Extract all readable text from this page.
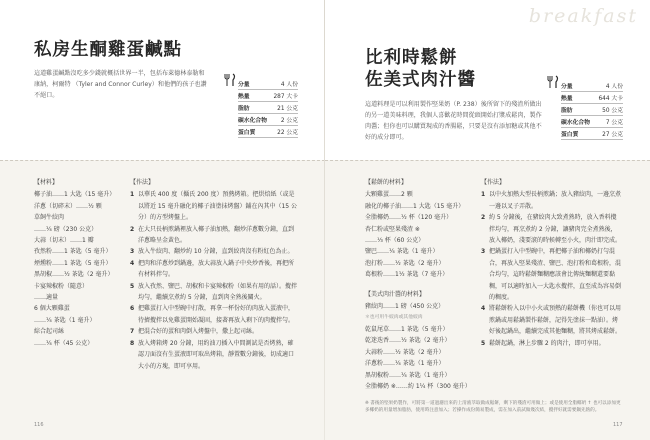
私房生酮雞蛋鹹點
這道雞蛋鹹點沒吃多少錢就概括世界一半，包括布萊德林泰勒和康納，柯爾特 （Tyler and Connor Curley）和他們的孩子也讚不絕口。
分量	4 人份
熱量	287 大卡
脂肪	21 公克
碳水化合物 2 公克
蛋白質	22 公克
【材料】
椰子油……1 大匙（15 毫升）
洋蔥（切碎末）……½ 顆
草飼牛絞肉
……¼ 磅（230 公克）
大蒜（切末）……1 瓣
孜然粉……1 茶匙（5 毫升）
煙燻粉……1 茶匙（5 毫升）
黑胡椒……½ 茶匙（2 毫升）
卡宴辣椒粉（隨意）
……適量
6 個大顆雞蛋
……¼ 茶匙（1 毫升）
綜合起司絲
……¼ 杯（45 公克）
【作法】
1 以華氏 400 度（攝氏 200 度）預熱烤箱。把烘焙紙（或是以將近 15 毫升融化的椰子油塗抹烤盤）鋪在內其中（15 公分）的方型烤盤上。
2 在大只長柄煎鍋裡放入椰子油加熱，翻炒洋蔥數分鐘，直到洋蔥略呈金黃色。
3 放入牛絞肉、翻炒約 10 分鐘，直到絞肉沒有粉紅色為止。
4 把肉和洋蔥炒到鍋邊，放大蒜放入鍋子中央炒香後，再把所有材料拌勻。
5 放入孜然、鹽巴、胡椒和卡宴辣椒粉（如果有用的話）。攪拌均勻，繼續烹煮約 5 分鐘，直到肉全熟後關火。
6 把雞蛋打入中型碗中打散，再拿一杯份好的肉放入蛋液中，待擠攪拌以免雞蛋開始凝固，接著再放入剩下的肉攪拌勻。
7 把混合好的蛋和肉倒入烤盤中，撒上起司絲。
8 放入烤箱烤 20 分鐘，用約油刀插入中間測試是否烤熟，確認刀面沒有生蛋液即可取出烤箱，靜置數分鐘後，切成適口大小的方塊，即可享用。
116
breakfast
比利時鬆餅
佐美式肉汁醬
這道料理是可以利用製作堅果奶（P. 238）後所留下的殘渣所做出的另一道美味料理，我個人喜歡花時間從頭開始打漿成鬆肉，製作肉醬；但你也可以購買現成的香腸鬆，只要是沒有添加糖或其他不好的成分即可。
分量	4 人份
熱量	644 大卡
脂肪	50 公克
碳水化合物	7 公克
蛋白質	27 公克
【鬆餅的材料】
大顆雞蛋……2 顆
融化的椰子油……1 大匙（15 毫升）
全脂椰奶……½ 杯（120 毫升）
杏仁粉或堅果殘渣 ※
……⅓ 杯（60 公克）
鹽巴……¼ 茶匙（1 毫升）
泡打粉……½ 茶匙（2 毫升）
葛根粉……1½ 茶匙（7 毫升）
【美式肉汁醬的材料】
豬絞肉……1 磅（450 公克）
＊也可用牛絞肉或其他絞肉
乾鼠尾草……1 茶匙（5 毫升）
乾迷迭香……½ 茶匙（2 毫升）
大蒜粉……½ 茶匙（2 毫升）
洋蔥粉……¼ 茶匙（1 毫升）
黑胡椒粉……¼ 茶匙（1 毫升）
全脂椰奶 ※……約 1¼ 杯（300 毫升）
【作法】
1 以中火加熱大型長柄煎鍋；放入豬絞肉，一邊烹煮一邊以叉子弄散。
2 約 5 分鐘後，在豬絞肉大致煮熟時，放入香料攪拌均勻，再烹煮約 2 分鐘，讓豬肉完全煮熟後，放入椰奶，淺要滾的時候轉至小火，肉汁即完成。
3 把鍋蛋打入中型碗中，再把椰子油和椰奶打勻混合，再放入堅果殘渣、鹽巴、泡打粉和葛根粉，混合均勻，這時鬆餅麵糊應該會比傳統麵糊還要黏稠，可以適時加入一大匙水攪拌，直至成為容易倒的稠度。
4 將鬆餅粉入以中小火或預熱的鬆餅機（你也可以用煎鍋或用鬆鍋製作鬆餅，記得先塗抹一點油）。烤好後起鍋出，繼續完成其他麵糊，將其烤成鬆餅。
5 鬆餅起鍋，淋上步驟 2 的肉汁，即可享用。
※ 書後的堅果奶製作，可將第一道過濾出來的上清液萃取做成鬆餅，剩下的殘渣可用做上；或是使用全脂椰奶 ↑ 也可以添加更多椰奶的用量增加脂肪，使用時注意加入；若操作成份簡易製成，需在加入前試做幾次結，攪拌好就需要鍋先熱的。
117
